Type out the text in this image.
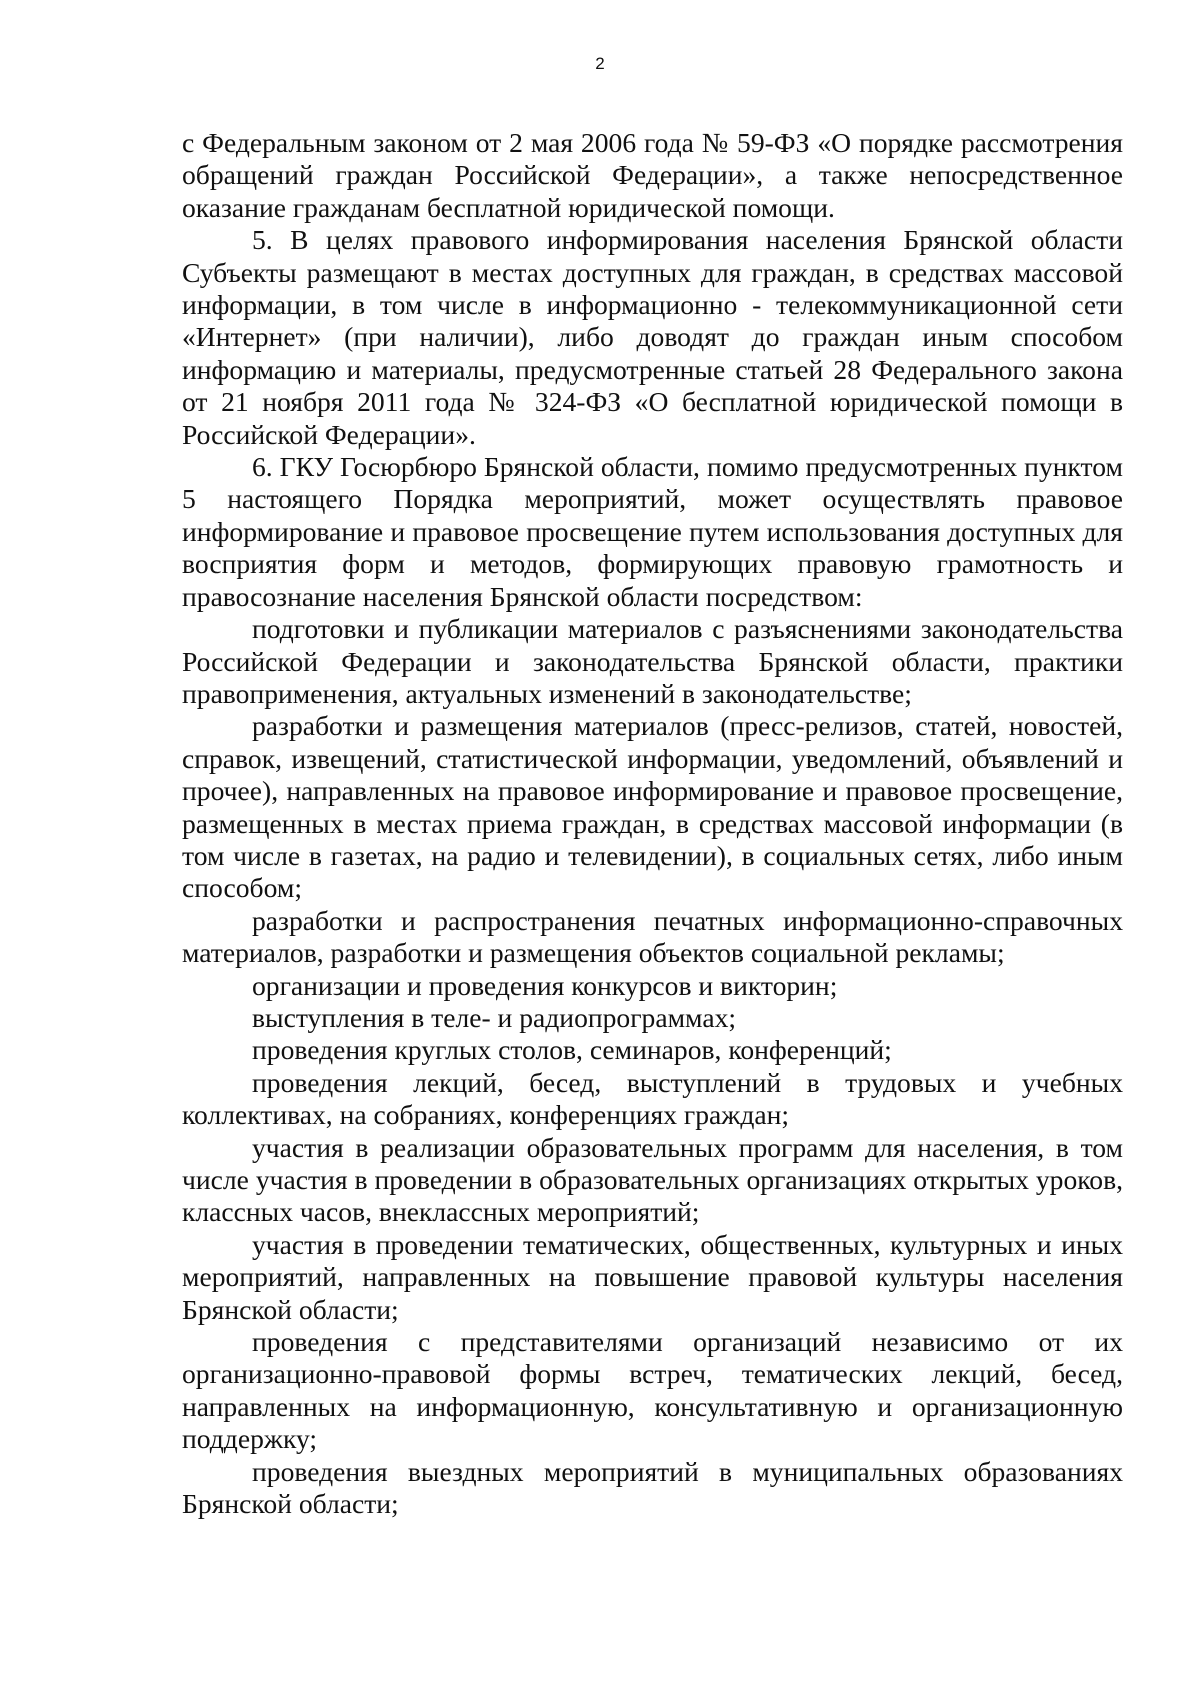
2

с Федеральным законом от 2 мая 2006 года № 59-ФЗ «О порядке рассмотрения обращений граждан Российской Федерации», а также непосредственное оказание гражданам бесплатной юридической помощи.

5. В целях правового информирования населения Брянской области Субъекты размещают в местах доступных для граждан, в средствах массовой информации, в том числе в информационно - телекоммуникационной сети «Интернет» (при наличии), либо доводят до граждан иным способом информацию и материалы, предусмотренные статьей 28 Федерального закона от 21 ноября 2011 года № 324-ФЗ «О бесплатной юридической помощи в Российской Федерации».

6. ГКУ Госюрбюро Брянской области, помимо предусмотренных пунктом 5 настоящего Порядка мероприятий, может осуществлять правовое информирование и правовое просвещение путем использования доступных для восприятия форм и методов, формирующих правовую грамотность и правосознание населения Брянской области посредством:

подготовки и публикации материалов с разъяснениями законодательства Российской Федерации и законодательства Брянской области, практики правоприменения, актуальных изменений в законодательстве;

разработки и размещения материалов (пресс-релизов, статей, новостей, справок, извещений, статистической информации, уведомлений, объявлений и прочее), направленных на правовое информирование и правовое просвещение, размещенных в местах приема граждан, в средствах массовой информации (в том числе в газетах, на радио и телевидении), в социальных сетях, либо иным способом;

разработки и распространения печатных информационно-справочных материалов, разработки и размещения объектов социальной рекламы;

организации и проведения конкурсов и викторин;

выступления в теле- и радиопрограммах;

проведения круглых столов, семинаров, конференций;

проведения лекций, бесед, выступлений в трудовых и учебных коллективах, на собраниях, конференциях граждан;

участия в реализации образовательных программ для населения, в том числе участия в проведении в образовательных организациях открытых уроков, классных часов, внеклассных мероприятий;

участия в проведении тематических, общественных, культурных и иных мероприятий, направленных на повышение правовой культуры населения Брянской области;

проведения с представителями организаций независимо от их организационно-правовой формы встреч, тематических лекций, бесед, направленных на информационную, консультативную и организационную поддержку;

проведения выездных мероприятий в муниципальных образованиях Брянской области;
